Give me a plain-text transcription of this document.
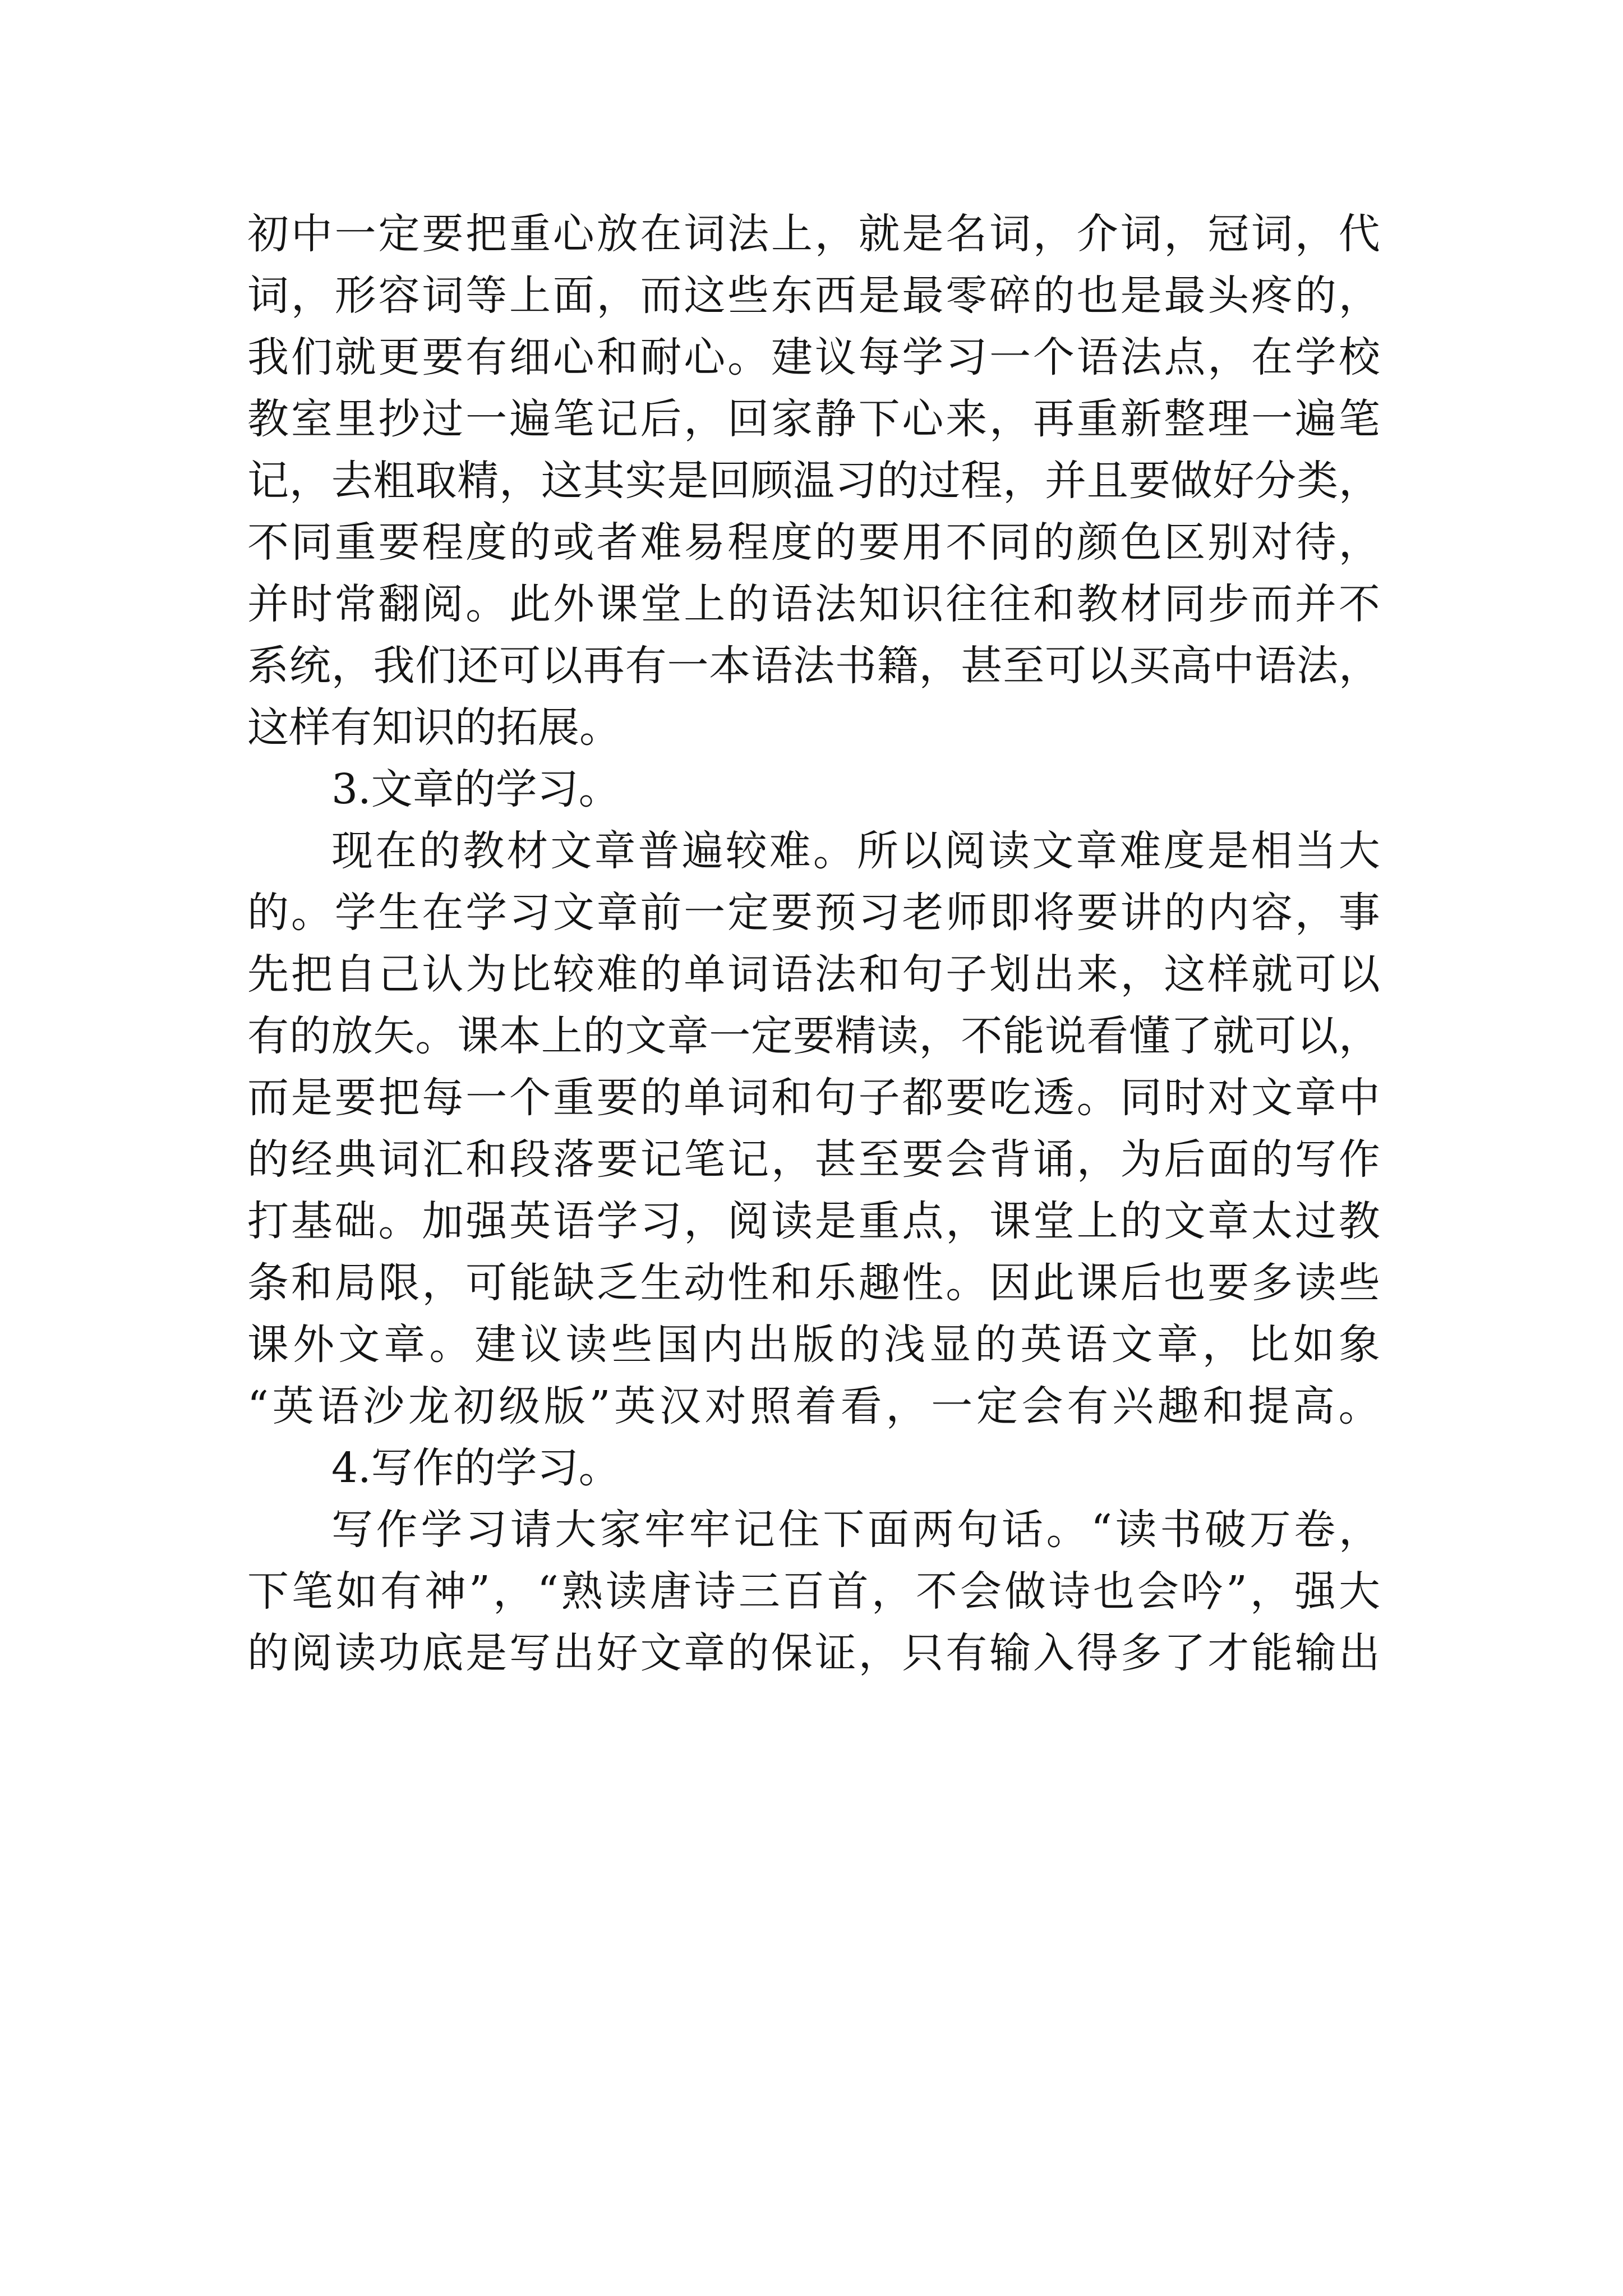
初 中 一 定 要 把 重 心 放 在 词 法 上 ， 就 是 名 词 ， 介 词 ， 冠 词 ， 代
词 ， 形 容 词 等 上 面 ， 而 这 些 东 西 是 最 零 碎 的 也 是 最 头 疼 的 ，
我 们 就 更 要 有 细 心 和 耐 心 。 建 议 每 学 习 一 个 语 法 点 ， 在 学 校
教 室 里 抄 过 一 遍 笔 记 后 ， 回 家 静 下 心 来 ， 再 重 新 整 理 一 遍 笔
记 ， 去 粗 取 精 ， 这 其 实 是 回 顾 温 习 的 过 程 ， 并 且 要 做 好 分 类 ，
不 同 重 要 程 度 的 或 者 难 易 程 度 的 要 用 不 同 的 颜 色 区 别 对 待 ，
并 时 常 翻 阅 。 此 外 课 堂 上 的 语 法 知 识 往 往 和 教 材 同 步 而 并 不
系 统 ， 我 们 还 可 以 再 有 一 本 语 法 书 籍 ， 甚 至 可 以 买 高 中 语 法 ，
这样有知识的拓展。
3.文章的学习。
现 在 的 教 材 文 章 普 遍 较 难 。 所 以 阅 读 文 章 难 度 是 相 当 大
的 。 学 生 在 学 习 文 章 前 一 定 要 预 习 老 师 即 将 要 讲 的 内 容 ， 事
先 把 自 己 认 为 比 较 难 的 单 词 语 法 和 句 子 划 出 来 ， 这 样 就 可 以
有 的 放 矢 。 课 本 上 的 文 章 一 定 要 精 读 ， 不 能 说 看 懂 了 就 可 以 ，
而 是 要 把 每 一 个 重 要 的 单 词 和 句 子 都 要 吃 透 。 同 时 对 文 章 中
的 经 典 词 汇 和 段 落 要 记 笔 记 ， 甚 至 要 会 背 诵 ， 为 后 面 的 写 作
打 基 础 。 加 强 英 语 学 习 ， 阅 读 是 重 点 ， 课 堂 上 的 文 章 太 过 教
条 和 局 限 ， 可 能 缺 乏 生 动 性 和 乐 趣 性 。 因 此 课 后 也 要 多 读 些
课 外 文 章 。 建 议 读 些 国 内 出 版 的 浅 显 的 英 语 文 章 ， 比 如 象
“ 英 语 沙 龙 初 级 版 ” 英 汉 对 照 着 看 ， 一 定 会 有 兴 趣 和 提 高 。
4.写作的学习。
写 作 学 习 请 大 家 牢 牢 记 住 下 面 两 句 话 。 “ 读 书 破 万 卷 ，
下 笔 如 有 神 ” ， “ 熟 读 唐 诗 三 百 首 ， 不 会 做 诗 也 会 吟 ” ， 强 大
的 阅 读 功 底 是 写 出 好 文 章 的 保 证 ， 只 有 输 入 得 多 了 才 能 输 出
